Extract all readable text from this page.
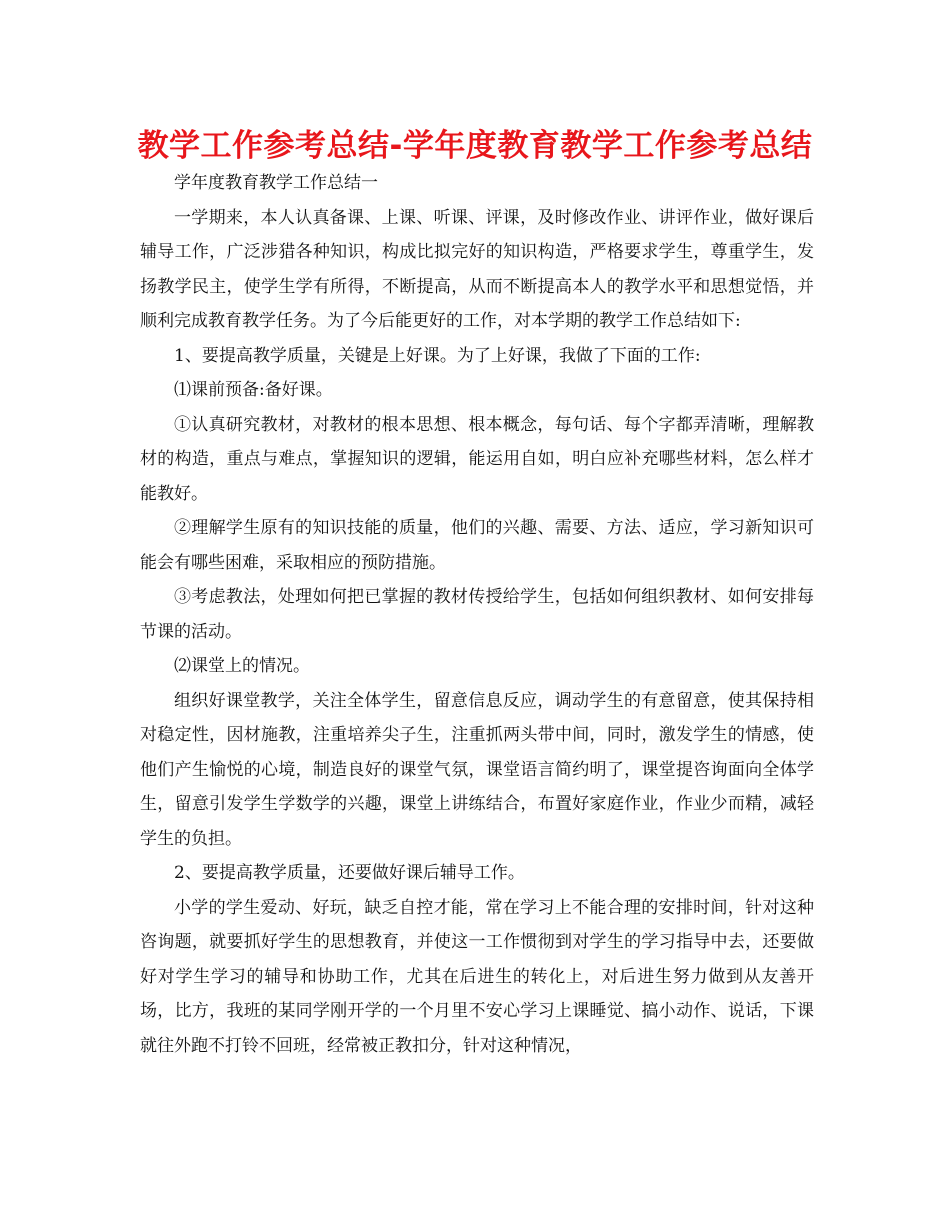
教学工作参考总结-学年度教育教学工作参考总结

学年度教育教学工作总结一

一学期来，本人认真备课、上课、听课、评课，及时修改作业、讲评作业，做好课后辅导工作，广泛涉猎各种知识，构成比拟完好的知识构造，严格要求学生，尊重学生，发扬教学民主，使学生学有所得，不断提高，从而不断提高本人的教学水平和思想觉悟，并顺利完成教育教学任务。为了今后能更好的工作，对本学期的教学工作总结如下:

1、要提高教学质量，关键是上好课。为了上好课，我做了下面的工作:

⑴课前预备:备好课。

①认真研究教材，对教材的根本思想、根本概念，每句话、每个字都弄清晰，理解教材的构造，重点与难点，掌握知识的逻辑，能运用自如，明白应补充哪些材料，怎么样才能教好。

②理解学生原有的知识技能的质量，他们的兴趣、需要、方法、适应，学习新知识可能会有哪些困难，采取相应的预防措施。

③考虑教法，处理如何把已掌握的教材传授给学生，包括如何组织教材、如何安排每节课的活动。

⑵课堂上的情况。

组织好课堂教学，关注全体学生，留意信息反应，调动学生的有意留意，使其保持相对稳定性，因材施教，注重培养尖子生，注重抓两头带中间，同时，激发学生的情感，使他们产生愉悦的心境，制造良好的课堂气氛，课堂语言简约明了，课堂提咨询面向全体学生，留意引发学生学数学的兴趣，课堂上讲练结合，布置好家庭作业，作业少而精，减轻学生的负担。

2、要提高教学质量，还要做好课后辅导工作。

小学的学生爱动、好玩，缺乏自控才能，常在学习上不能合理的安排时间，针对这种咨询题，就要抓好学生的思想教育，并使这一工作惯彻到对学生的学习指导中去，还要做好对学生学习的辅导和协助工作，尤其在后进生的转化上，对后进生努力做到从友善开场，比方，我班的某同学刚开学的一个月里不安心学习上课睡觉、搞小动作、说话，下课就往外跑不打铃不回班，经常被正教扣分，针对这种情况，
